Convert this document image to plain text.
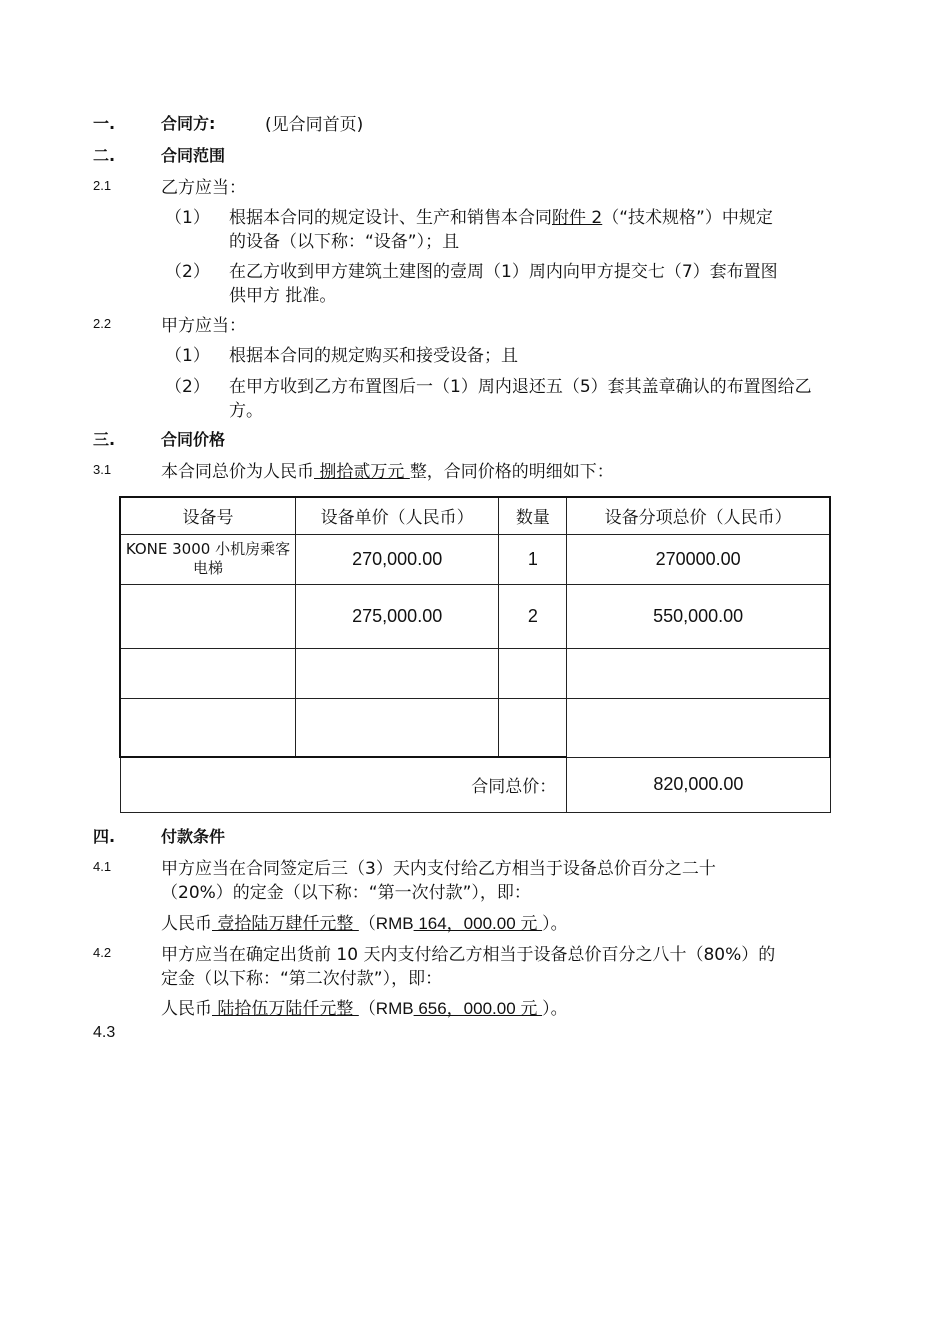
一.	合同方:	(见合同首页)
二.	合同范围
2.1	乙方应当：
（1） 根据本合同的规定设计、生产和销售本合同附件 2（“技术规格”）中规定
的设备（以下称：“设备”）；且
（2） 在乙方收到甲方建筑土建图的壹周（1）周内向甲方提交七（7）套布置图
供甲方 批准。
2.2	甲方应当：
（1） 根据本合同的规定购买和接受设备；且
（2） 在甲方收到乙方布置图后一（1）周内退还五（5）套其盖章确认的布置图给乙
方。
三.	合同价格
3.1	本合同总价为人民币 捌拾贰万元 整，合同价格的明细如下：
设备号	设备单价（人民币）	数量	设备分项总价（人民币）
KONE 3000 小机房乘客电梯	270,000.00	1	270000.00
	275,000.00	2	550,000.00

合同总价：			820,000.00
四.	付款条件
4.1	甲方应当在合同签定后三（3）天内支付给乙方相当于设备总价百分之二十
（20%）的定金（以下称：“第一次付款”），即：
人民币 壹拾陆万肆仟元整 （RMB 164，000.00 元 ）。
4.2	甲方应当在确定出货前 10 天内支付给乙方相当于设备总价百分之八十（80%）的
定金（以下称：“第二次付款”），即：
人民币 陆拾伍万陆仟元整 （RMB 656，000.00 元 ）。
4.3
